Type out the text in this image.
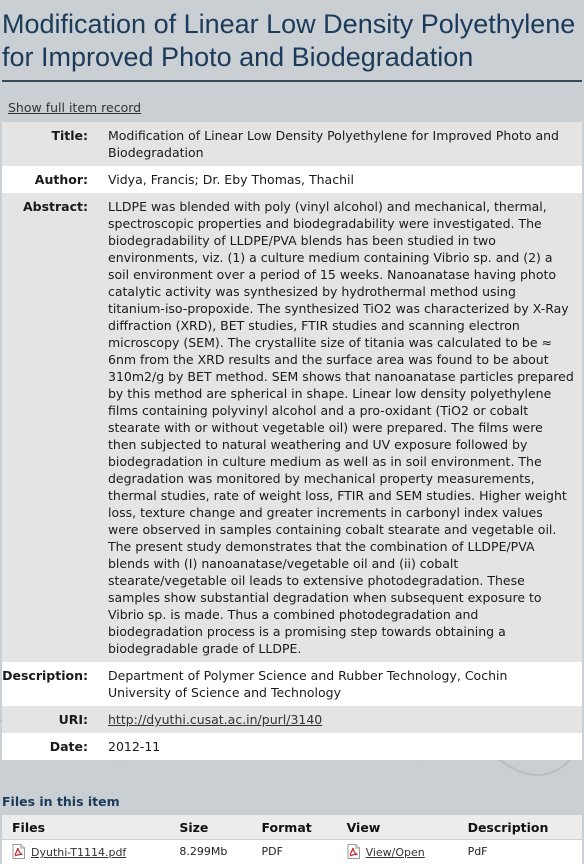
Modification of Linear Low Density Polyethylene for Improved Photo and Biodegradation
Show full item record
Title:	Modification of Linear Low Density Polyethylene for Improved Photo and Biodegradation
Author:	Vidya, Francis; Dr. Eby Thomas, Thachil
Abstract:	LLDPE was blended with poly (vinyl alcohol) and mechanical, thermal, spectroscopic properties and biodegradability were investigated. The biodegradability of LLDPE/PVA blends has been studied in two environments, viz. (1) a culture medium containing Vibrio sp. and (2) a soil environment over a period of 15 weeks. Nanoanatase having photo catalytic activity was synthesized by hydrothermal method using titanium-iso-propoxide. The synthesized TiO2 was characterized by X-Ray diffraction (XRD), BET studies, FTIR studies and scanning electron microscopy (SEM). The crystallite size of titania was calculated to be ≈ 6nm from the XRD results and the surface area was found to be about 310m2/g by BET method. SEM shows that nanoanatase particles prepared by this method are spherical in shape. Linear low density polyethylene films containing polyvinyl alcohol and a pro-oxidant (TiO2 or cobalt stearate with or without vegetable oil) were prepared. The films were then subjected to natural weathering and UV exposure followed by biodegradation in culture medium as well as in soil environment. The degradation was monitored by mechanical property measurements, thermal studies, rate of weight loss, FTIR and SEM studies. Higher weight loss, texture change and greater increments in carbonyl index values were observed in samples containing cobalt stearate and vegetable oil. The present study demonstrates that the combination of LLDPE/PVA blends with (I) nanoanatase/vegetable oil and (ii) cobalt stearate/vegetable oil leads to extensive photodegradation. These samples show substantial degradation when subsequent exposure to Vibrio sp. is made. Thus a combined photodegradation and biodegradation process is a promising step towards obtaining a biodegradable grade of LLDPE.
Description:	Department of Polymer Science and Rubber Technology, Cochin University of Science and Technology
URI:	http://dyuthi.cusat.ac.in/purl/3140
Date:	2012-11
Files in this item
Files	Size	Format	View	Description
Dyuthi-T1114.pdf	8.299Mb	PDF	View/Open	PdF
